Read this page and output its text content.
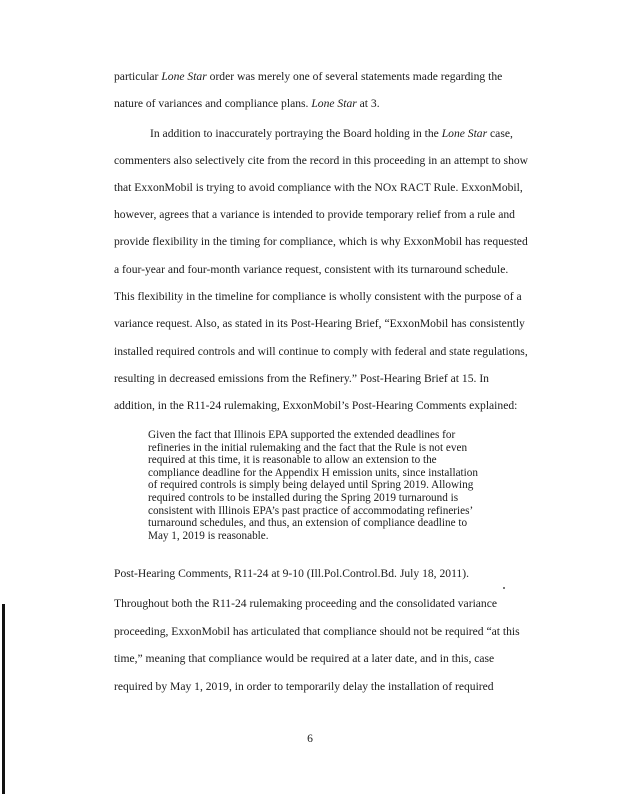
particular Lone Star order was merely one of several statements made regarding the
nature of variances and compliance plans. Lone Star at 3.
In addition to inaccurately portraying the Board holding in the Lone Star case,
commenters also selectively cite from the record in this proceeding in an attempt to show
that ExxonMobil is trying to avoid compliance with the NOx RACT Rule. ExxonMobil,
however, agrees that a variance is intended to provide temporary relief from a rule and
provide flexibility in the timing for compliance, which is why ExxonMobil has requested
a four-year and four-month variance request, consistent with its turnaround schedule.
This flexibility in the timeline for compliance is wholly consistent with the purpose of a
variance request. Also, as stated in its Post-Hearing Brief, “ExxonMobil has consistently
installed required controls and will continue to comply with federal and state regulations,
resulting in decreased emissions from the Refinery.” Post-Hearing Brief at 15. In
addition, in the R11-24 rulemaking, ExxonMobil’s Post-Hearing Comments explained:
Given the fact that Illinois EPA supported the extended deadlines for
refineries in the initial rulemaking and the fact that the Rule is not even
required at this time, it is reasonable to allow an extension to the
compliance deadline for the Appendix H emission units, since installation
of required controls is simply being delayed until Spring 2019. Allowing
required controls to be installed during the Spring 2019 turnaround is
consistent with Illinois EPA’s past practice of accommodating refineries’
turnaround schedules, and thus, an extension of compliance deadline to
May 1, 2019 is reasonable.
Post-Hearing Comments, R11-24 at 9-10 (Ill.Pol.Control.Bd. July 18, 2011).
Throughout both the R11-24 rulemaking proceeding and the consolidated variance
proceeding, ExxonMobil has articulated that compliance should not be required “at this
time,” meaning that compliance would be required at a later date, and in this, case
required by May 1, 2019, in order to temporarily delay the installation of required
6
